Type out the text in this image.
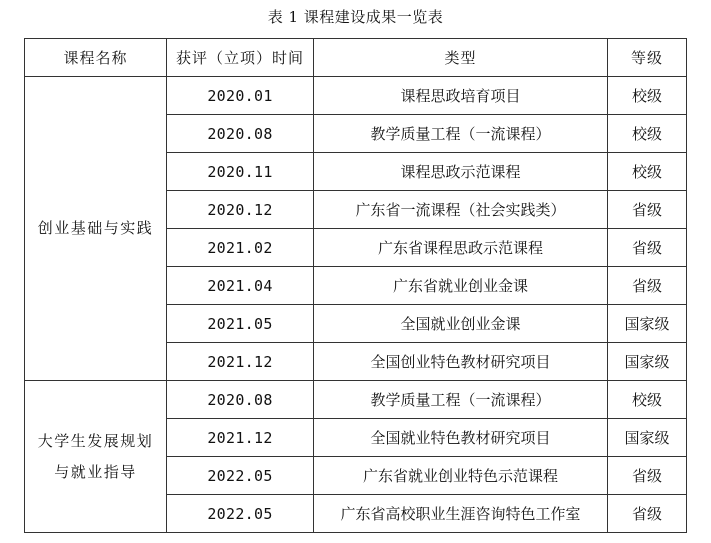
表 1 课程建设成果一览表
课程名称	获评（立项）时间	类型	等级

创业基础与实践	2020.01	课程思政培育项目	校级
	2020.08	教学质量工程（一流课程）	校级
	2020.11	课程思政示范课程	校级
	2020.12	广东省一流课程（社会实践类）	省级
	2021.02	广东省课程思政示范课程	省级
	2021.04	广东省就业创业金课	省级
	2021.05	全国就业创业金课	国家级
	2021.12	全国创业特色教材研究项目	国家级

大学生发展规划
与就业指导	2020.08	教学质量工程（一流课程）	校级
	2021.12	全国就业特色教材研究项目	国家级
	2022.05	广东省就业创业特色示范课程	省级
	2022.05	广东省高校职业生涯咨询特色工作室	省级
